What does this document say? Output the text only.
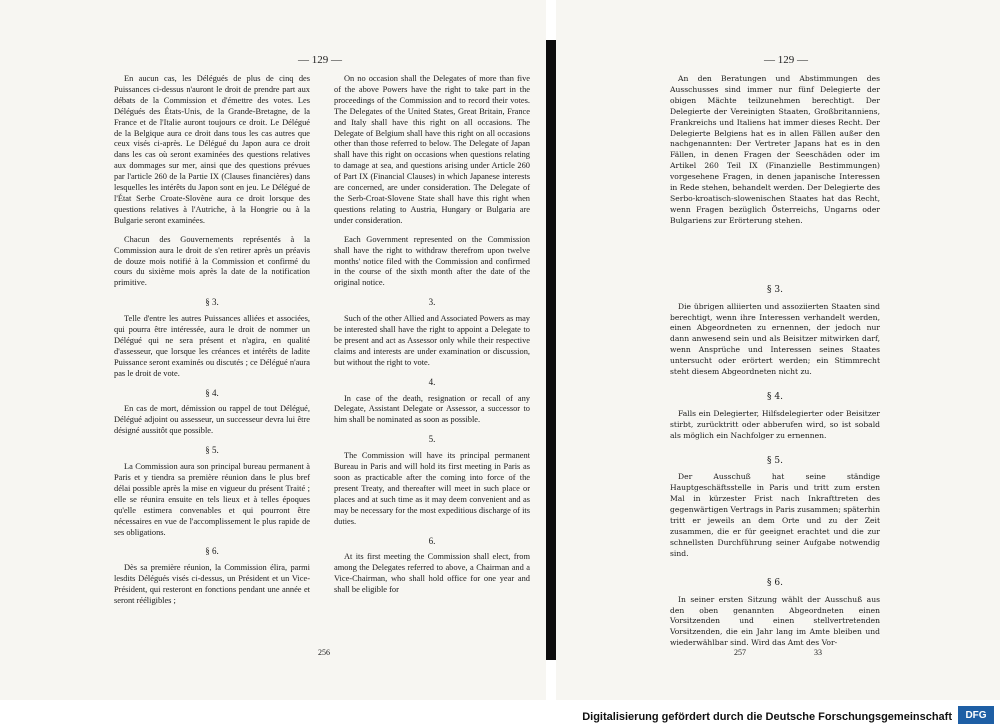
— 129 —

En aucun cas, les Délégués de plus de cinq des Puissances ci-dessus n'auront le droit de prendre part aux débats de la Commission et d'émettre des votes. Les Délégués des États-Unis, de la Grande-Bretagne, de la France et de l'Italie auront toujours ce droit. Le Délégué de la Belgique aura ce droit dans tous les cas autres que ceux visés ci-après. Le Délégué du Japon aura ce droit dans les cas où seront examinées des questions relatives aux dommages sur mer, ainsi que des questions prévues par l'article 260 de la Partie IX (Clauses financières) dans lesquelles les intérêts du Japon sont en jeu. Le Délégué de l'État Serbe Croate-Slovène aura ce droit lorsque des questions relatives à l'Autriche, à la Hongrie ou à la Bulgarie seront examinées.

Chacun des Gouvernements représentés à la Commission aura le droit de s'en retirer après un préavis de douze mois notifié à la Commission et confirmé du cours du sixième mois après la date de la notification primitive.

§ 3.

Telle d'entre les autres Puissances alliées et associées, qui pourra être intéressée, aura le droit de nommer un Délégué qui ne sera présent et n'agira, en qualité d'assesseur, que lorsque les créances et intérêts de ladite Puissance seront examinés ou discutés ; ce Délégué n'aura pas le droit de vote.

§ 4.

En cas de mort, démission ou rappel de tout Délégué, Délégué adjoint ou assesseur, un successeur devra lui être désigné aussitôt que possible.

§ 5.

La Commission aura son principal bureau permanent à Paris et y tiendra sa première réunion dans le plus bref délai possible après la mise en vigueur du présent Traité ; elle se réunira ensuite en tels lieux et à telles époques qu'elle estimera convenables et qui pourront être nécessaires en vue de l'accomplissement le plus rapide de ses obligations.

§ 6.

Dès sa première réunion, la Commission élira, parmi lesdits Délégués visés ci-dessus, un Président et un Vice-Président, qui resteront en fonctions pendant une année et seront rééligibles ;

On no occasion shall the Delegates of more than five of the above Powers have the right to take part in the proceedings of the Commission and to record their votes. The Delegates of the United States, Great Britain, France and Italy shall have this right on all occasions. The Delegate of Belgium shall have this right on all occasions other than those referred to below. The Delegate of Japan shall have this right on occasions when questions relating to damage at sea, and questions arising under Article 260 of Part IX (Financial Clauses) in which Japanese interests are concerned, are under consideration. The Delegate of the Serb-Croat-Slovene State shall have this right when questions relating to Austria, Hungary or Bulgaria are under consideration.

Each Government represented on the Commission shall have the right to withdraw therefrom upon twelve months' notice filed with the Commission and confirmed in the course of the sixth month after the date of the original notice.

3.

Such of the other Allied and Associated Powers as may be interested shall have the right to appoint a Delegate to be present and act as Assessor only while their respective claims and interests are under examination or discussion, but without the right to vote.

4.

In case of the death, resignation or recall of any Delegate, Assistant Delegate or Assessor, a successor to him shall be nominated as soon as possible.

5.

The Commission will have its principal permanent Bureau in Paris and will hold its first meeting in Paris as soon as practicable after the coming into force of the present Treaty, and thereafter will meet in such place or places and at such time as it may deem convenient and as may be necessary for the most expeditious discharge of its duties.

6.

At its first meeting the Commission shall elect, from among the Delegates referred to above, a Chairman and a Vice-Chairman, who shall hold office for one year and shall be eligible for

256
— 129 —
257	33

An den Beratungen und Abstimmungen des Ausschusses sind immer nur fünf Delegierte der obigen Mächte teilzunehmen berechtigt. Der Delegierte der Vereinigten Staaten, Großbritanniens, Frankreichs und Italiens hat immer dieses Recht. Der Delegierte Belgiens hat es in allen Fällen außer den nachgenannten: Der Vertreter Japans hat es in den Fällen, in denen Fragen der Seeschäden oder im Artikel 260 Teil IX (Finanzielle Bestimmungen) vorgesehene Fragen, in denen japanische Interessen in Rede stehen, behandelt werden. Der Delegierte des Serbo-kroatisch-slowenischen Staates hat das Recht, wenn Fragen bezüglich Österreichs, Ungarns oder Bulgariens zur Erörterung stehen.

§ 3.

Die übrigen alliierten und assoziierten Staaten sind berechtigt, wenn ihre Interessen verhandelt werden, einen Abgeordneten zu ernennen, der jedoch nur dann anwesend sein und als Beisitzer mitwirken darf, wenn Ansprüche und Interessen seines Staates untersucht oder erörtert werden; ein Stimmrecht steht diesem Abgeordneten nicht zu.

§ 4.

Falls ein Delegierter, Hilfsdelegierter oder Beisitzer stirbt, zurücktritt oder abberufen wird, so ist sobald als möglich ein Nachfolger zu ernennen.

§ 5.

Der Ausschuß hat seine ständige Hauptgeschäftsstelle in Paris und tritt zum ersten Mal in kürzester Frist nach Inkrafttreten des gegenwärtigen Vertrags in Paris zusammen; späterhin tritt er jeweils an dem Orte und zu der Zeit zusammen, die er für geeignet erachtet und die zur schnellsten Durchführung seiner Aufgabe notwendig sind.

§ 6.

In seiner ersten Sitzung wählt der Ausschuß aus den oben genannten Abgeordneten einen Vorsitzenden und einen stellvertretenden Vorsitzenden, die ein Jahr lang im Amte bleiben und wiederwählbar sind. Wird das Amt des Vor-

Digitalisierung gefördert durch die Deutsche Forschungsgemeinschaft	DFG
